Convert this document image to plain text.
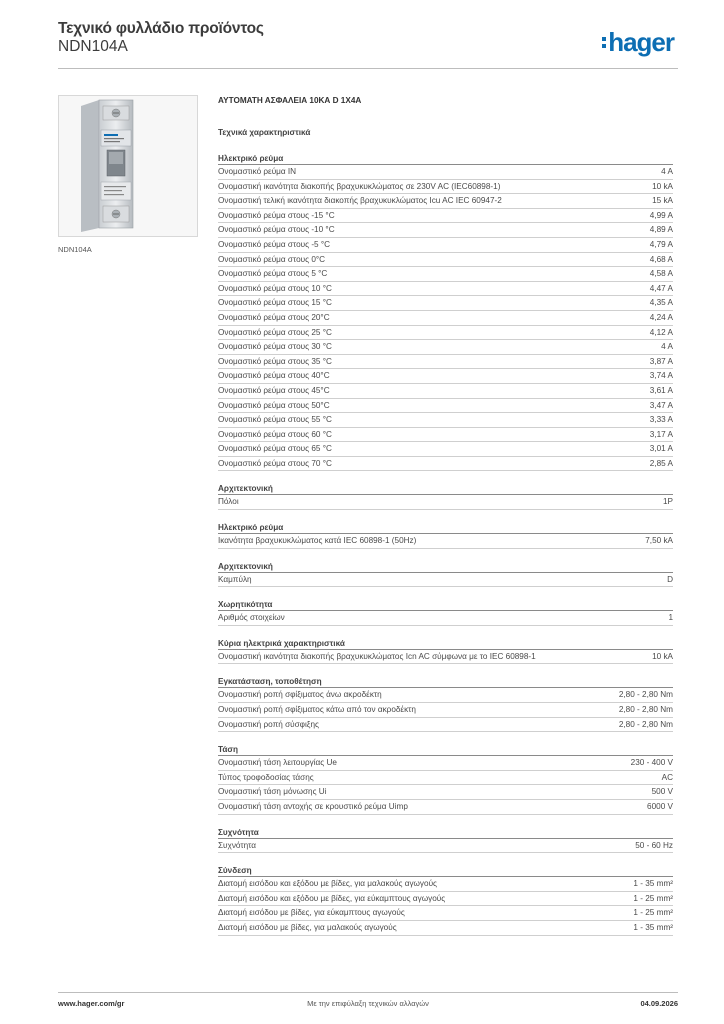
Τεχνικό φυλλάδιο προϊόντος
NDN104A	hager
NDN104A
ΑΥΤΟΜΑΤΗ ΑΣΦΑΛΕΙΑ 10ΚΑ D 1Χ4Α
Τεχνικά χαρακτηριστικά
Ηλεκτρικό ρεύμα
Ονομαστικό ρεύμα IN	4 A
Ονομαστική ικανότητα διακοπής βραχυκυκλώματος σε 230V AC (IEC60898-1)	10 kA
Ονομαστική τελική ικανότητα διακοπής βραχυκυκλώματος Icu AC IEC 60947-2	15 kA
Ονομαστικό ρεύμα στους -15 °C	4,99 A
Ονομαστικό ρεύμα στους -10 °C	4,89 A
Ονομαστικό ρεύμα στους -5 °C	4,79 A
Ονομαστικό ρεύμα στους 0°C	4,68 A
Ονομαστικό ρεύμα στους 5 °C	4,58 A
Ονομαστικό ρεύμα στους 10 °C	4,47 A
Ονομαστικό ρεύμα στους 15 °C	4,35 A
Ονομαστικό ρεύμα στους 20°C	4,24 A
Ονομαστικό ρεύμα στους 25 °C	4,12 A
Ονομαστικό ρεύμα στους 30 °C	4 A
Ονομαστικό ρεύμα στους 35 °C	3,87 A
Ονομαστικό ρεύμα στους 40°C	3,74 A
Ονομαστικό ρεύμα στους 45°C	3,61 A
Ονομαστικό ρεύμα στους 50°C	3,47 A
Ονομαστικό ρεύμα στους 55 °C	3,33 A
Ονομαστικό ρεύμα στους 60 °C	3,17 A
Ονομαστικό ρεύμα στους 65 °C	3,01 A
Ονομαστικό ρεύμα στους 70 °C	2,85 A
Αρχιτεκτονική
Πόλοι	1P
Ηλεκτρικό ρεύμα
Ικανότητα βραχυκυκλώματος κατά IEC 60898-1 (50Hz)	7,50 kA
Αρχιτεκτονική
Καμπύλη	D
Χωρητικότητα
Αριθμός στοιχείων	1
Κύρια ηλεκτρικά χαρακτηριστικά
Ονομαστική ικανότητα διακοπής βραχυκυκλώματος Icn AC σύμφωνα με το IEC 60898-1	10 kA
Εγκατάσταση, τοποθέτηση
Ονομαστική ροπή σφίξιματος άνω ακροδέκτη	2,80 - 2,80 Nm
Ονομαστική ροπή σφίξιματος κάτω από τον ακροδέκτη	2,80 - 2,80 Nm
Ονομαστική ροπή σύσφιξης	2,80 - 2,80 Nm
Τάση
Ονομαστική τάση λειτουργίας Ue	230 - 400 V
Τύπος τροφοδοσίας τάσης	AC
Ονομαστική τάση μόνωσης Ui	500 V
Ονομαστική τάση αντοχής σε κρουστικό ρεύμα Uimp	6000 V
Συχνότητα
Συχνότητα	50 - 60 Hz
Σύνδεση
Διατομή εισόδου και εξόδου με βίδες, για μαλακούς αγωγούς	1 - 35 mm²
Διατομή εισόδου και εξόδου με βίδες, για εύκαμπτους αγωγούς	1 - 25 mm²
Διατομή εισόδου με βίδες, για εύκαμπτους αγωγούς	1 - 25 mm²
Διατομή εισόδου με βίδες, για μαλακούς αγωγούς	1 - 35 mm²
www.hager.com/gr	Με την επιφύλαξη τεχνικών αλλαγών	04.09.2026
